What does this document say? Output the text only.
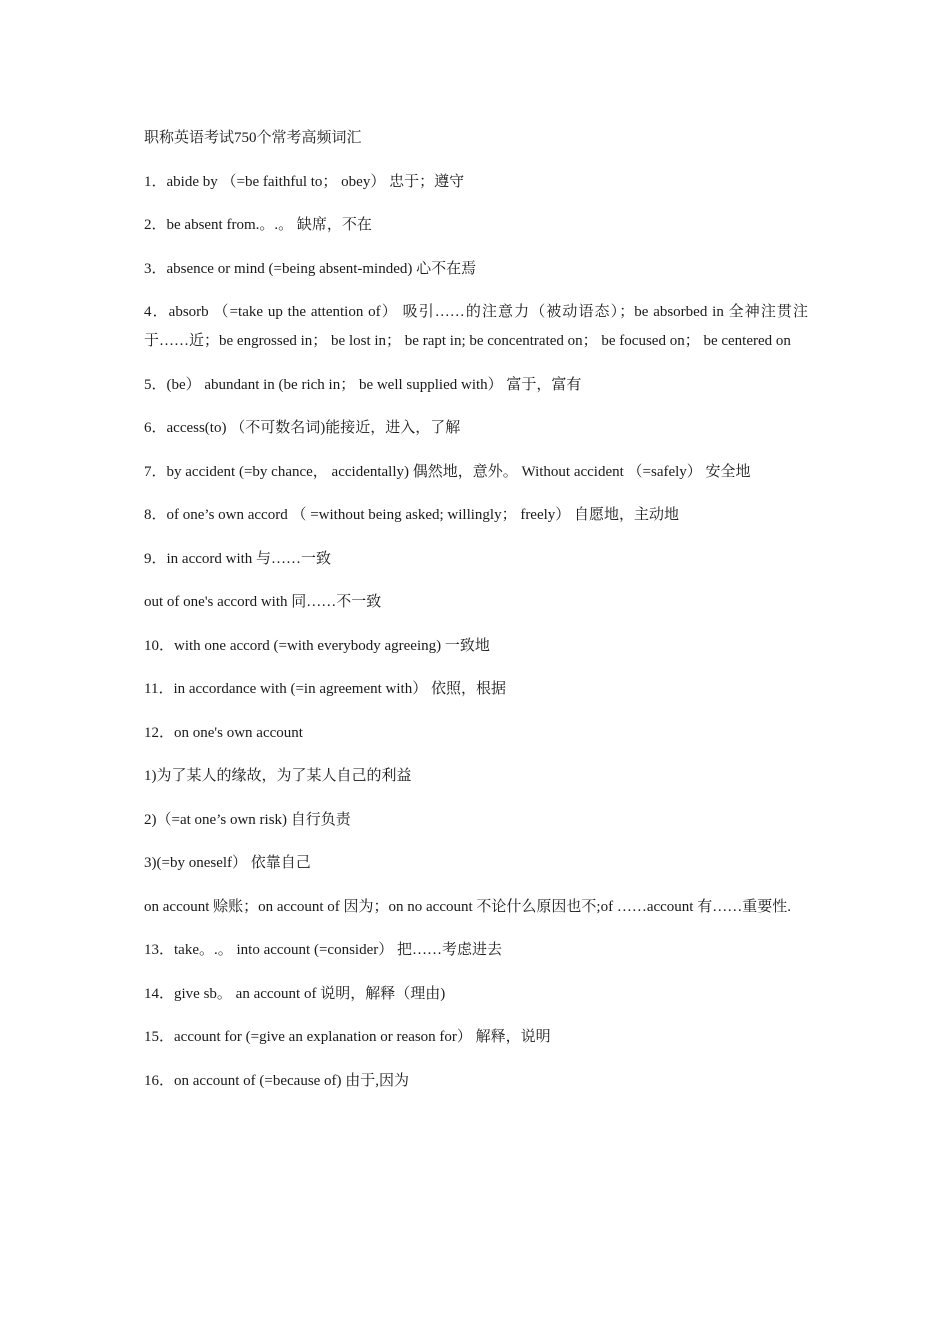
职称英语考试750个常考高频词汇

1．abide by （=be faithful to； obey） 忠于；遵守

2．be absent from.。.。 缺席，不在

3．absence or mind (=being absent-minded) 心不在焉

4．absorb （=take up the attention of） 吸引……的注意力（被动语态）；be absorbed in 全神注贯注于……近；be engrossed in； be lost in； be rapt in; be concentrated on； be focused on； be centered on

5．(be） abundant in (be rich in； be well supplied with） 富于，富有

6．access(to) （不可数名词)能接近，进入，了解

7．by accident (=by chance， accidentally) 偶然地，意外。 Without accident （=safely） 安全地

8．of one’s own accord （ =without being asked; willingly； freely） 自愿地，主动地

9．in accord with 与……一致

out of one's accord with 同……不一致

10．with one accord (=with everybody agreeing) 一致地

11．in accordance with (=in agreement with） 依照，根据

12．on one's own account

1)为了某人的缘故，为了某人自己的利益

2)（=at one’s own risk) 自行负责

3)(=by oneself） 依靠自己

on account 赊账；on account of 因为；on no account 不论什么原因也不;of ……account 有……重要性.

13．take。.。 into account (=consider） 把……考虑进去

14．give sb。 an account of 说明，解释（理由)

15．account for (=give an explanation or reason for） 解释，说明

16．on account of (=because of) 由于,因为
